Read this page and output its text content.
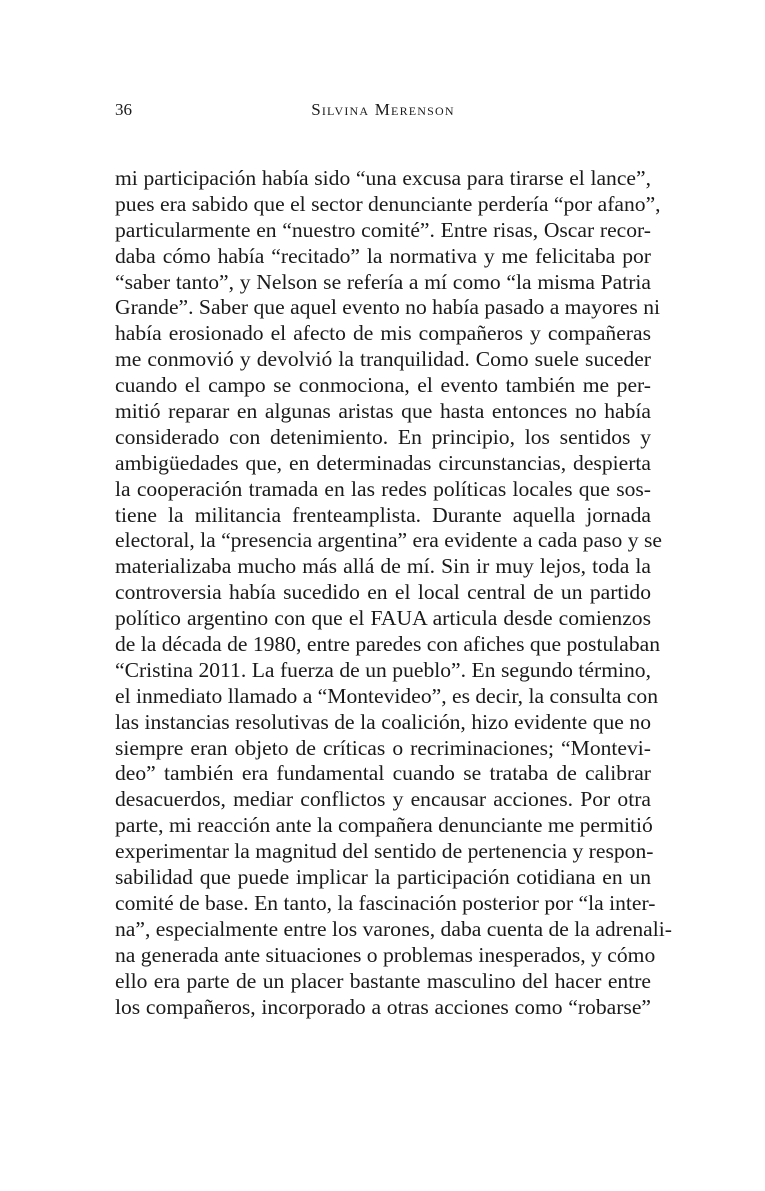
36	Silvina Merenson
mi participación había sido “una excusa para tirarse el lance”,
pues era sabido que el sector denunciante perdería “por afano”,
particularmente en “nuestro comité”. Entre risas, Oscar recor-
daba cómo había “recitado” la normativa y me felicitaba por
“saber tanto”, y Nelson se refería a mí como “la misma Patria
Grande”. Saber que aquel evento no había pasado a mayores ni
había erosionado el afecto de mis compañeros y compañeras
me conmovió y devolvió la tranquilidad. Como suele suceder
cuando el campo se conmociona, el evento también me per-
mitió reparar en algunas aristas que hasta entonces no había
considerado con detenimiento. En principio, los sentidos y
ambigüedades que, en determinadas circunstancias, despierta
la cooperación tramada en las redes políticas locales que sos-
tiene la militancia frenteamplista. Durante aquella jornada
electoral, la “presencia argentina” era evidente a cada paso y se
materializaba mucho más allá de mí. Sin ir muy lejos, toda la
controversia había sucedido en el local central de un partido
político argentino con que el FAUA articula desde comienzos
de la década de 1980, entre paredes con afiches que postulaban
“Cristina 2011. La fuerza de un pueblo”. En segundo término,
el inmediato llamado a “Montevideo”, es decir, la consulta con
las instancias resolutivas de la coalición, hizo evidente que no
siempre eran objeto de críticas o recriminaciones; “Montevi-
deo” también era fundamental cuando se trataba de calibrar
desacuerdos, mediar conflictos y encausar acciones. Por otra
parte, mi reacción ante la compañera denunciante me permitió
experimentar la magnitud del sentido de pertenencia y respon-
sabilidad que puede implicar la participación cotidiana en un
comité de base. En tanto, la fascinación posterior por “la inter-
na”, especialmente entre los varones, daba cuenta de la adrenali-
na generada ante situaciones o problemas inesperados, y cómo
ello era parte de un placer bastante masculino del hacer entre
los compañeros, incorporado a otras acciones como “robarse”
